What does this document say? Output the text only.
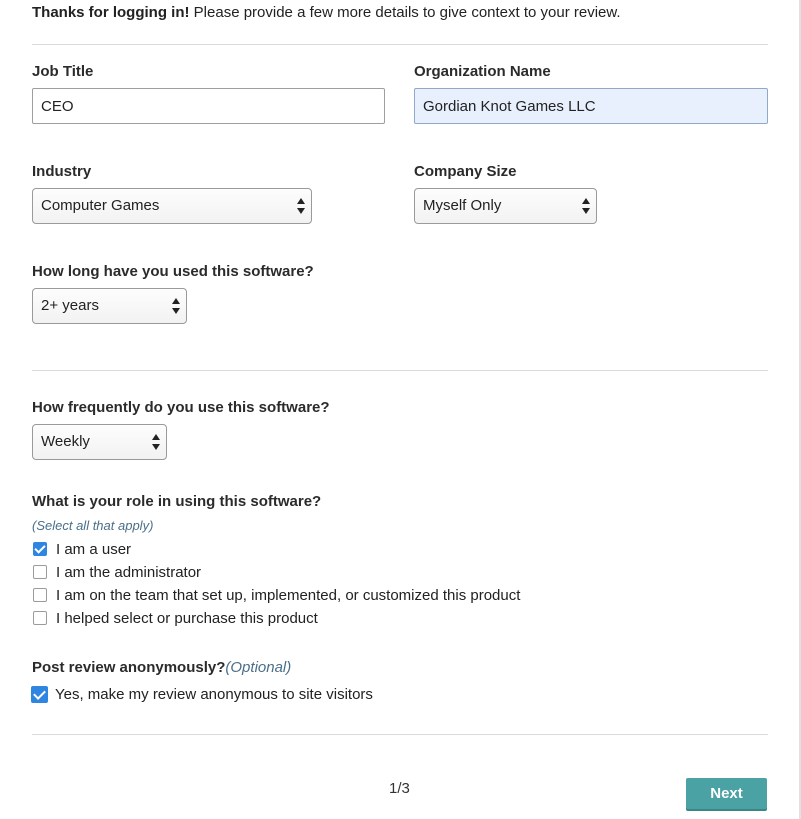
Thanks for logging in! Please provide a few more details to give context to your review.
Job Title
CEO	Organization Name
Gordian Knot Games LLC
Industry
Computer Games
Company Size
Myself Only
How long have you used this software?
2+ years
How frequently do you use this software?
Weekly
What is your role in using this software?
(Select all that apply)
I am a user
I am the administrator
I am on the team that set up, implemented, or customized this product
I helped select or purchase this product
Post review anonymously?(Optional)
Yes, make my review anonymous to site visitors
1/3	Next
